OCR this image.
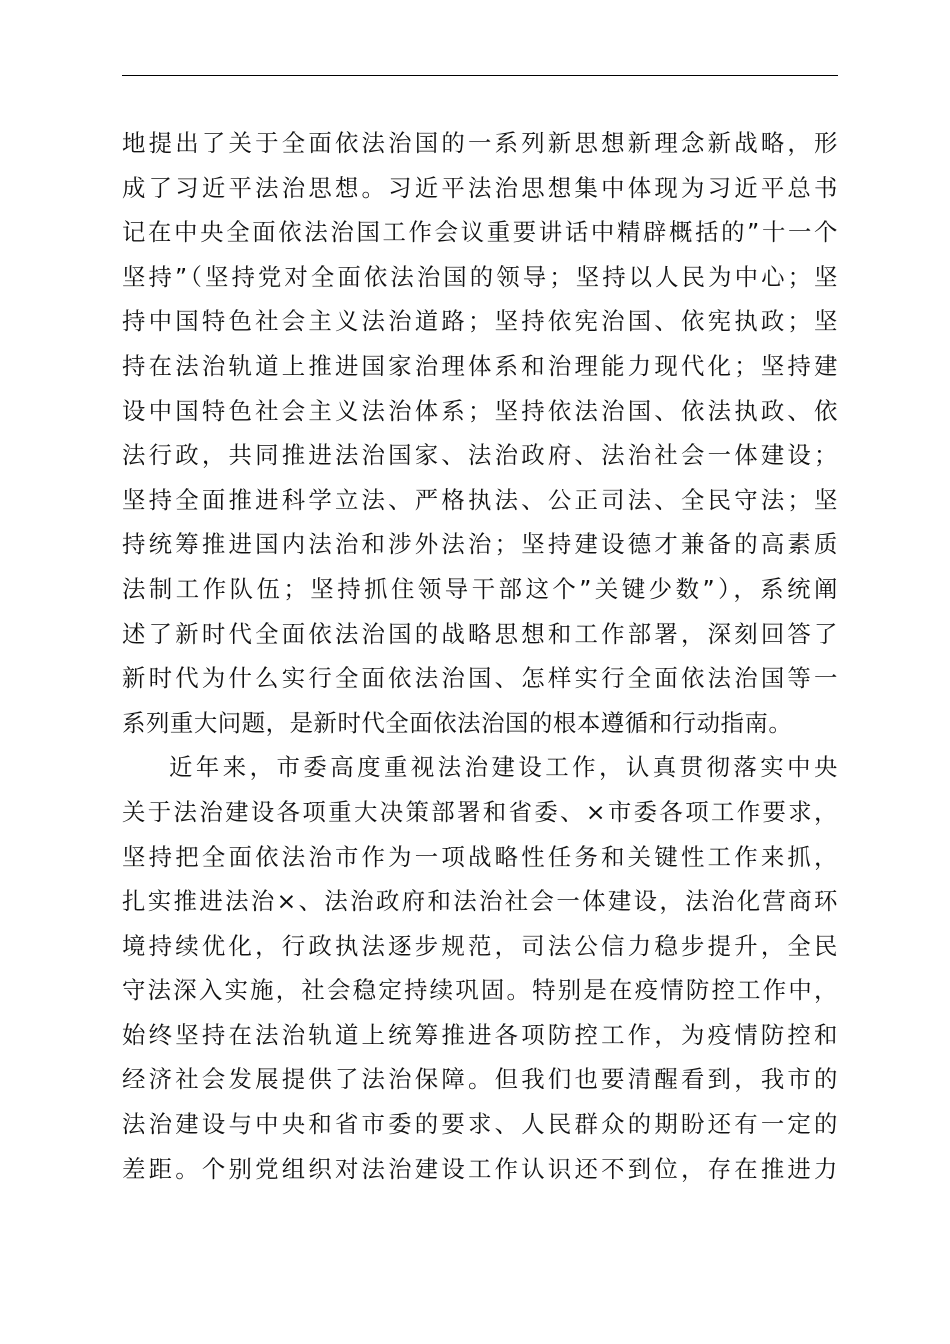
地提出了关于全面依法治国的一系列新思想新理念新战略，形
成了习近平法治思想。习近平法治思想集中体现为习近平总书
记在中央全面依法治国工作会议重要讲话中精辟概括的”十一个
坚持”（坚持党对全面依法治国的领导；坚持以人民为中心；坚
持中国特色社会主义法治道路；坚持依宪治国、依宪执政；坚
持在法治轨道上推进国家治理体系和治理能力现代化；坚持建
设中国特色社会主义法治体系；坚持依法治国、依法执政、依
法行政，共同推进法治国家、法治政府、法治社会一体建设；
坚持全面推进科学立法、严格执法、公正司法、全民守法；坚
持统筹推进国内法治和涉外法治；坚持建设德才兼备的高素质
法制工作队伍；坚持抓住领导干部这个”关键少数”），系统阐
述了新时代全面依法治国的战略思想和工作部署，深刻回答了
新时代为什么实行全面依法治国、怎样实行全面依法治国等一
系列重大问题，是新时代全面依法治国的根本遵循和行动指南。
近年来，市委高度重视法治建设工作，认真贯彻落实中央
关于法治建设各项重大决策部署和省委、×市委各项工作要求，
坚持把全面依法治市作为一项战略性任务和关键性工作来抓，
扎实推进法治×、法治政府和法治社会一体建设，法治化营商环
境持续优化，行政执法逐步规范，司法公信力稳步提升，全民
守法深入实施，社会稳定持续巩固。特别是在疫情防控工作中，
始终坚持在法治轨道上统筹推进各项防控工作，为疫情防控和
经济社会发展提供了法治保障。但我们也要清醒看到，我市的
法治建设与中央和省市委的要求、人民群众的期盼还有一定的
差距。个别党组织对法治建设工作认识还不到位，存在推进力
